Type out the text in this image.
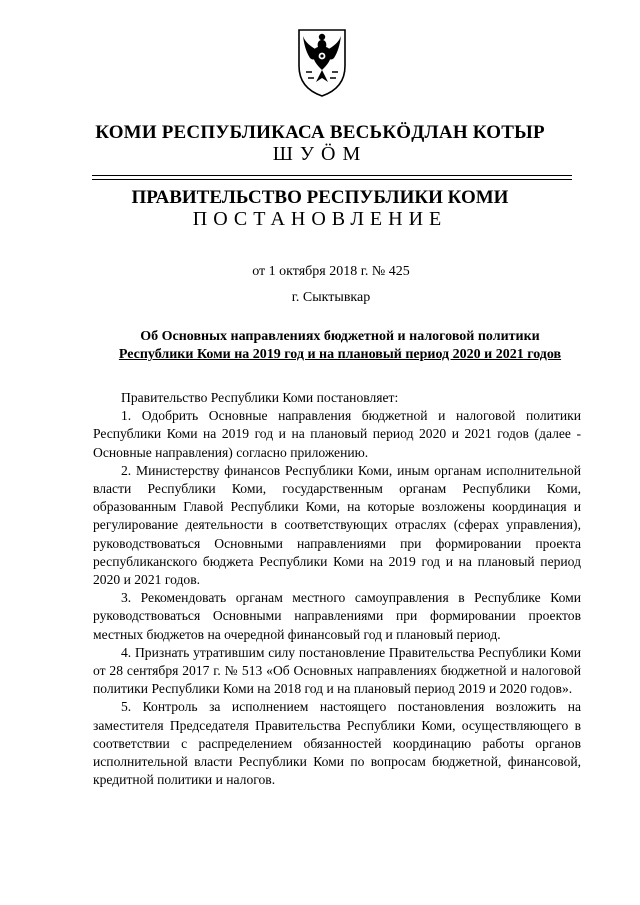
КОМИ РЕСПУБЛИКАСА ВЕСЬКÖДЛАН КОТЫР
ШУÖМ
ПРАВИТЕЛЬСТВО РЕСПУБЛИКИ КОМИ
ПОСТАНОВЛЕНИЕ
от 1 октября 2018 г. № 425
г. Сыктывкар
Об Основных направлениях бюджетной и налоговой политики
Республики Коми на 2019 год и на плановый период 2020 и 2021 годов

Правительство Республики Коми постановляет:

1. Одобрить Основные направления бюджетной и налоговой политики Республики Коми на 2019 год и на плановый период 2020 и 2021 годов (далее - Основные направления) согласно приложению.

2. Министерству финансов Республики Коми, иным органам исполнительной власти Республики Коми, государственным органам Республики Коми, образованным Главой Республики Коми, на которые возложены координация и регулирование деятельности в соответствующих отраслях (сферах управления), руководствоваться Основными направлениями при формировании проекта республиканского бюджета Республики Коми на 2019 год и на плановый период 2020 и 2021 годов.

3. Рекомендовать органам местного самоуправления в Республике Коми руководствоваться Основными направлениями при формировании проектов местных бюджетов на очередной финансовый год и плановый период.

4. Признать утратившим силу постановление Правительства Республики Коми от 28 сентября 2017 г. № 513 «Об Основных направлениях бюджетной и налоговой политики Республики Коми на 2018 год и на плановый период 2019 и 2020 годов».

5. Контроль за исполнением настоящего постановления возложить на заместителя Председателя Правительства Республики Коми, осуществляющего в соответствии с распределением обязанностей координацию работы органов исполнительной власти Республики Коми по вопросам бюджетной, финансовой, кредитной политики и налогов.
